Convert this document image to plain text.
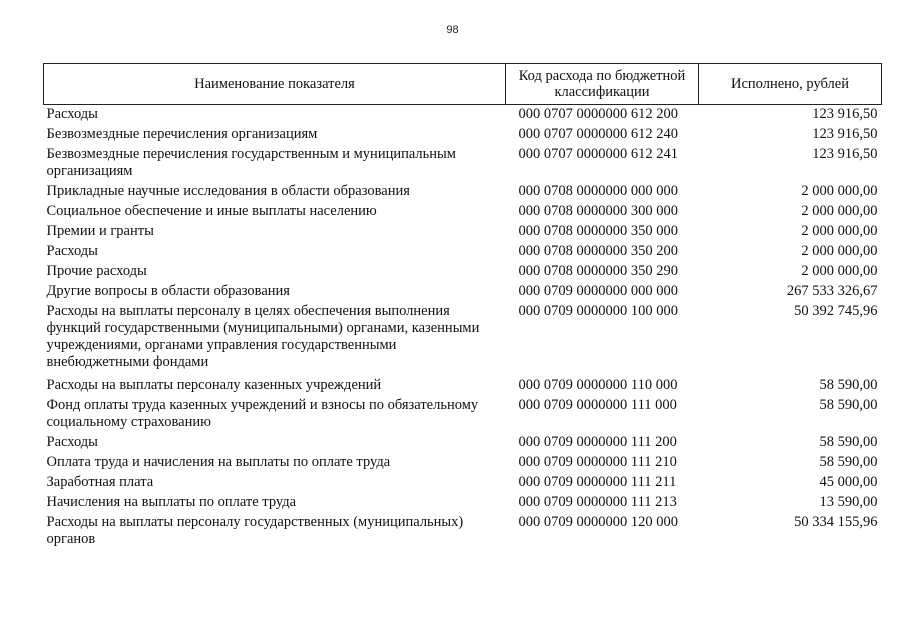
98
Наименование показателя	Код расхода по бюджетной классификации	Исполнено, рублей
Расходы	000 0707 0000000 612 200	123 916,50
Безвозмездные перечисления организациям	000 0707 0000000 612 240	123 916,50
Безвозмездные перечисления государственным и муниципальным организациям	000 0707 0000000 612 241	123 916,50
Прикладные научные исследования в области образования	000 0708 0000000 000 000	2 000 000,00
Социальное обеспечение и иные выплаты населению	000 0708 0000000 300 000	2 000 000,00
Премии и гранты	000 0708 0000000 350 000	2 000 000,00
Расходы	000 0708 0000000 350 200	2 000 000,00
Прочие расходы	000 0708 0000000 350 290	2 000 000,00
Другие вопросы в области образования	000 0709 0000000 000 000	267 533 326,67
Расходы на выплаты персоналу в целях обеспечения выполнения функций государственными (муниципальными) органами, казенными учреждениями, органами управления государственными внебюджетными фондами	000 0709 0000000 100 000	50 392 745,96
Расходы на выплаты персоналу казенных учреждений	000 0709 0000000 110 000	58 590,00
Фонд оплаты труда казенных учреждений и взносы по обязательному социальному страхованию	000 0709 0000000 111 000	58 590,00
Расходы	000 0709 0000000 111 200	58 590,00
Оплата труда и начисления на выплаты по оплате труда	000 0709 0000000 111 210	58 590,00
Заработная плата	000 0709 0000000 111 211	45 000,00
Начисления на выплаты по оплате труда	000 0709 0000000 111 213	13 590,00
Расходы на выплаты персоналу государственных (муниципальных) органов	000 0709 0000000 120 000	50 334 155,96
